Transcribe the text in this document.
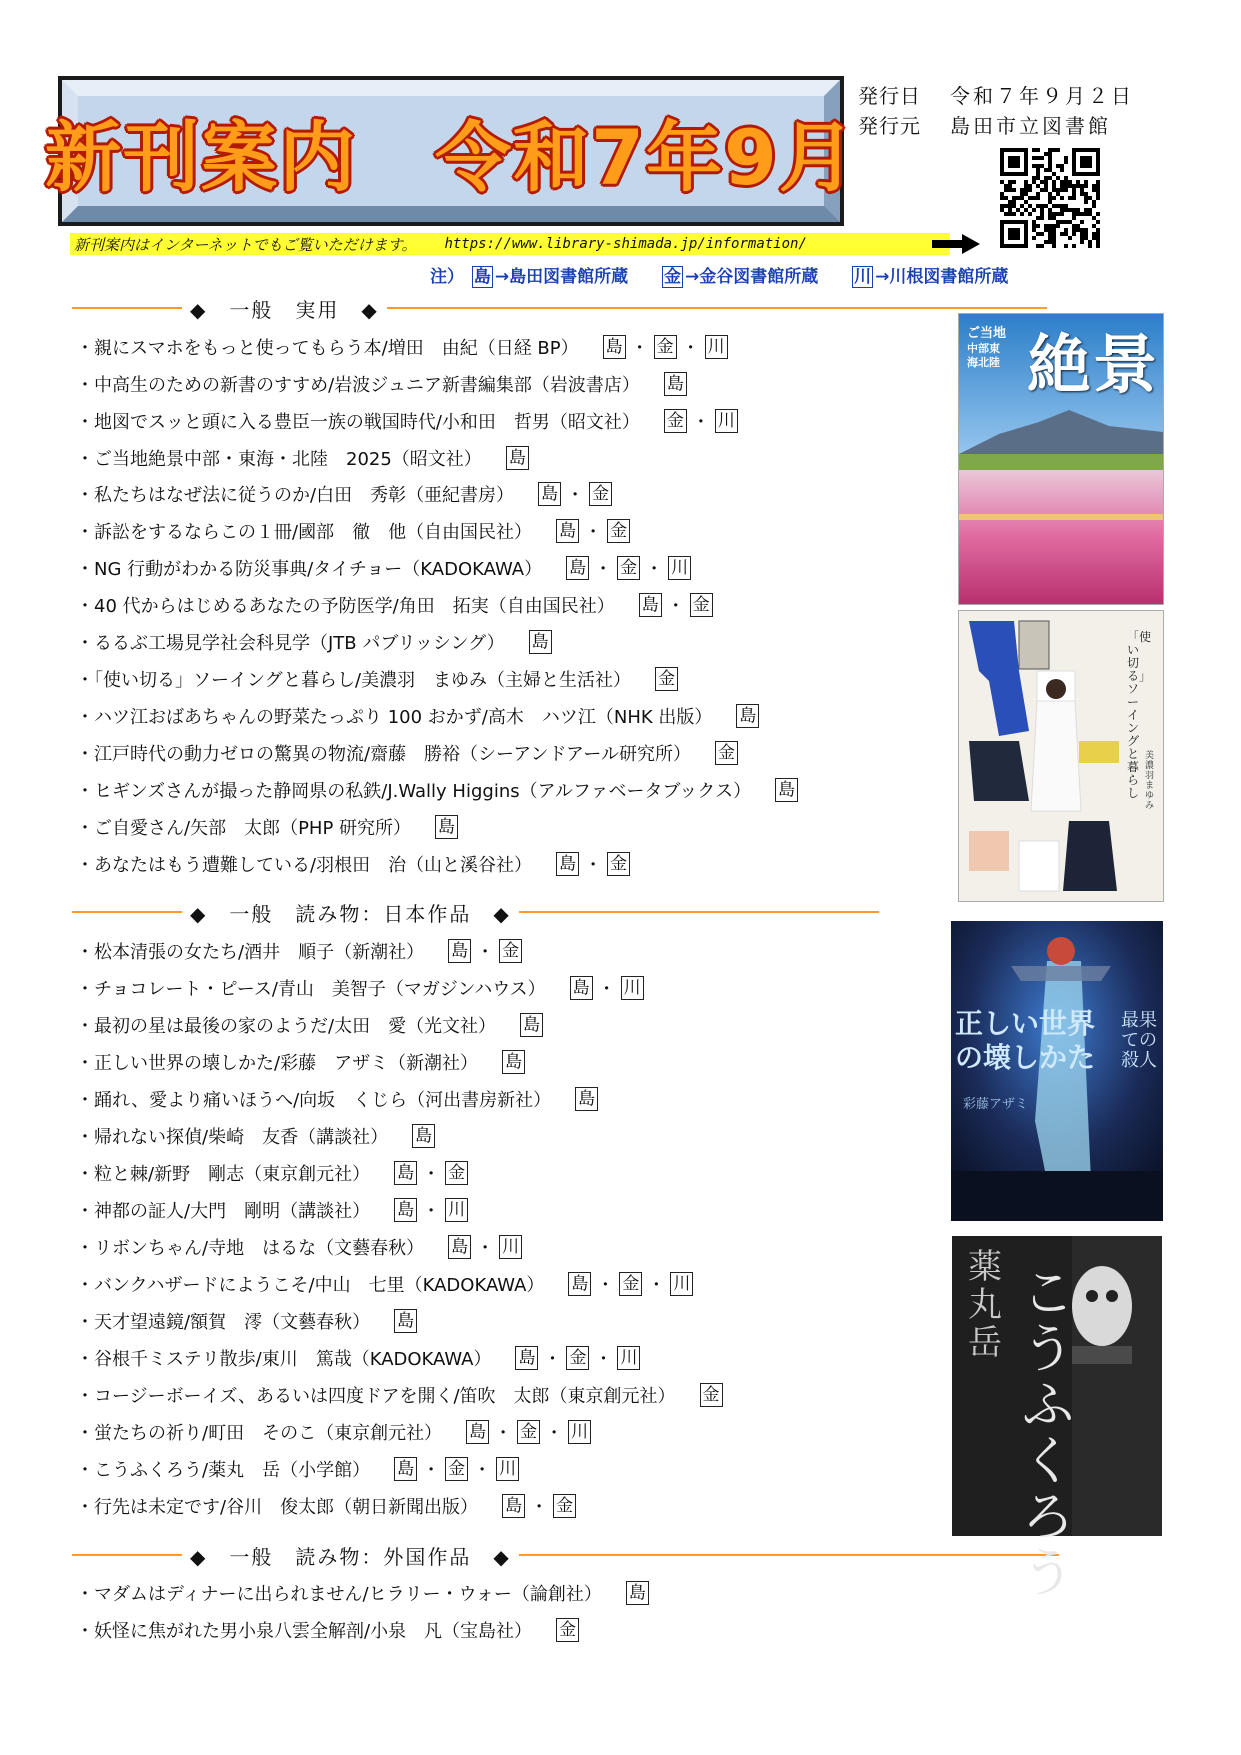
新刊案内　令和7年9月
発行日 令和７年９月２日
発行元 島田市立図書館
新刊案内はインターネットでもご覧いただけます。 https://www.library-shimada.jp/information/
注） 島 →島田図書館所蔵 金 →金谷図書館所蔵 川 →川根図書館所蔵
◆　一般　実用　◆
◆　一般　読み物：日本作品　◆
◆　一般　読み物：外国作品　◆
・親にスマホをもっと使ってもらう本/増田　由紀（日経 BP） 島 ・ 金 ・ 川
・中高生のための新書のすすめ/岩波ジュニア新書編集部（岩波書店） 島
・地図でスッと頭に入る豊臣一族の戦国時代/小和田　哲男（昭文社） 金 ・ 川
・ご当地絶景中部・東海・北陸　2025（昭文社） 島
・私たちはなぜ法に従うのか/白田　秀彰（亜紀書房） 島 ・ 金
・訴訟をするならこの１冊/國部　徹　他（自由国民社） 島 ・ 金
・NG 行動がわかる防災事典/タイチョー（KADOKAWA） 島 ・ 金 ・ 川
・40 代からはじめるあなたの予防医学/角田　拓実（自由国民社） 島 ・ 金
・るるぶ工場見学社会科見学（JTB パブリッシング） 島
・「使い切る」ソーイングと暮らし/美濃羽　まゆみ（主婦と生活社） 金
・ハツ江おばあちゃんの野菜たっぷり 100 おかず/高木　ハツ江（NHK 出版） 島
・江戸時代の動力ゼロの驚異の物流/齋藤　勝裕（シーアンドアール研究所） 金
・ヒギンズさんが撮った静岡県の私鉄/J.Wally Higgins（アルファベータブックス） 島
・ご自愛さん/矢部　太郎（PHP 研究所） 島
・あなたはもう遭難している/羽根田　治（山と溪谷社） 島 ・ 金
・松本清張の女たち/酒井　順子（新潮社） 島 ・ 金
・チョコレート・ピース/青山　美智子（マガジンハウス） 島 ・ 川
・最初の星は最後の家のようだ/太田　愛（光文社） 島
・正しい世界の壊しかた/彩藤　アザミ（新潮社） 島
・踊れ、愛より痛いほうへ/向坂　くじら（河出書房新社） 島
・帰れない探偵/柴崎　友香（講談社） 島
・粒と棘/新野　剛志（東京創元社） 島 ・ 金
・神都の証人/大門　剛明（講談社） 島 ・ 川
・リボンちゃん/寺地　はるな（文藝春秋） 島 ・ 川
・バンクハザードにようこそ/中山　七里（KADOKAWA） 島 ・ 金 ・ 川
・天才望遠鏡/額賀　澪（文藝春秋） 島
・谷根千ミステリ散歩/東川　篤哉（KADOKAWA） 島 ・ 金 ・ 川
・コージーボーイズ、あるいは四度ドアを開く/笛吹　太郎（東京創元社） 金
・蛍たちの祈り/町田　そのこ（東京創元社） 島 ・ 金 ・ 川
・こうふくろう/薬丸　岳（小学館） 島 ・ 金 ・ 川
・行先は未定です/谷川　俊太郎（朝日新聞出版） 島 ・ 金
・マダムはディナーに出られません/ヒラリー・ウォー（論創社） 島
・妖怪に焦がれた男小泉八雲全解剖/小泉　凡（宝島社） 金
ご当地
中部東海北陸 絶景
「使い切る」ソーイングと暮らし
美濃羽まゆみ
正しい世界の壊しかた
最果ての殺人
彩藤アザミ
薬丸岳
こうふくろう
